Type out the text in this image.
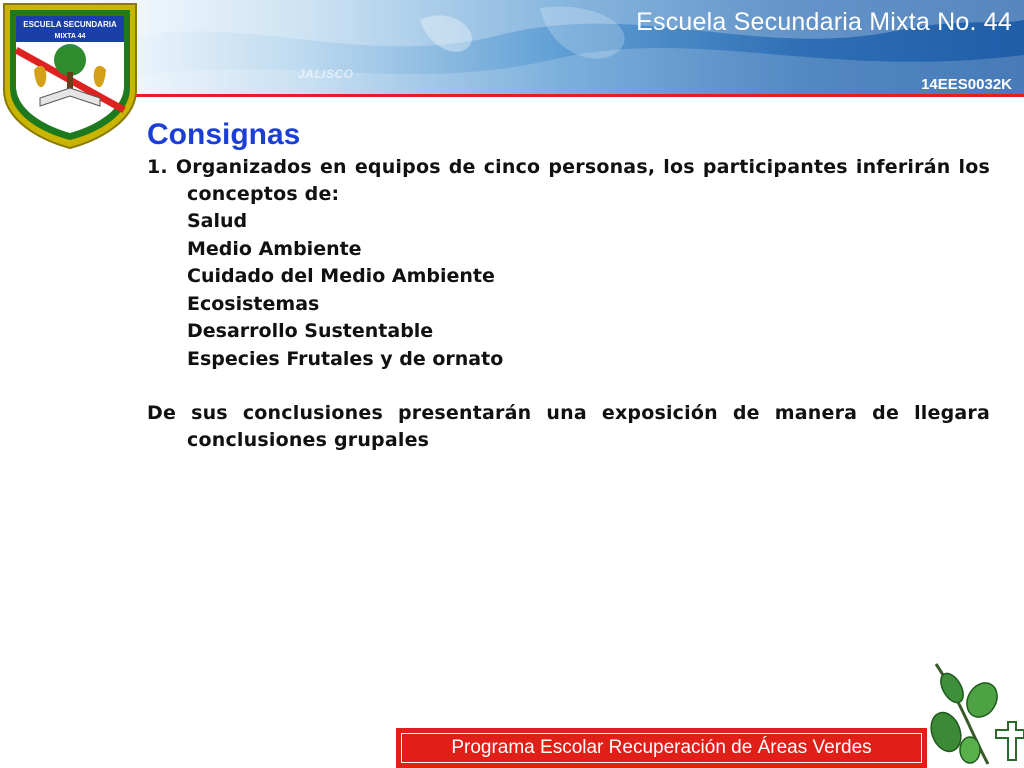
JALISCO
Escuela Secundaria Mixta No. 44
14EES0032K
ESCUELA SECUNDARIA
MIXTA 44
Consignas

1. Organizados en equipos de cinco personas, los participantes inferirán los conceptos de:

Salud
Medio Ambiente
Cuidado del Medio Ambiente
Ecosistemas
Desarrollo Sustentable
Especies Frutales y de ornato

De sus conclusiones presentarán una exposición de manera de llegara conclusiones grupales

Programa Escolar Recuperación de Áreas Verdes
